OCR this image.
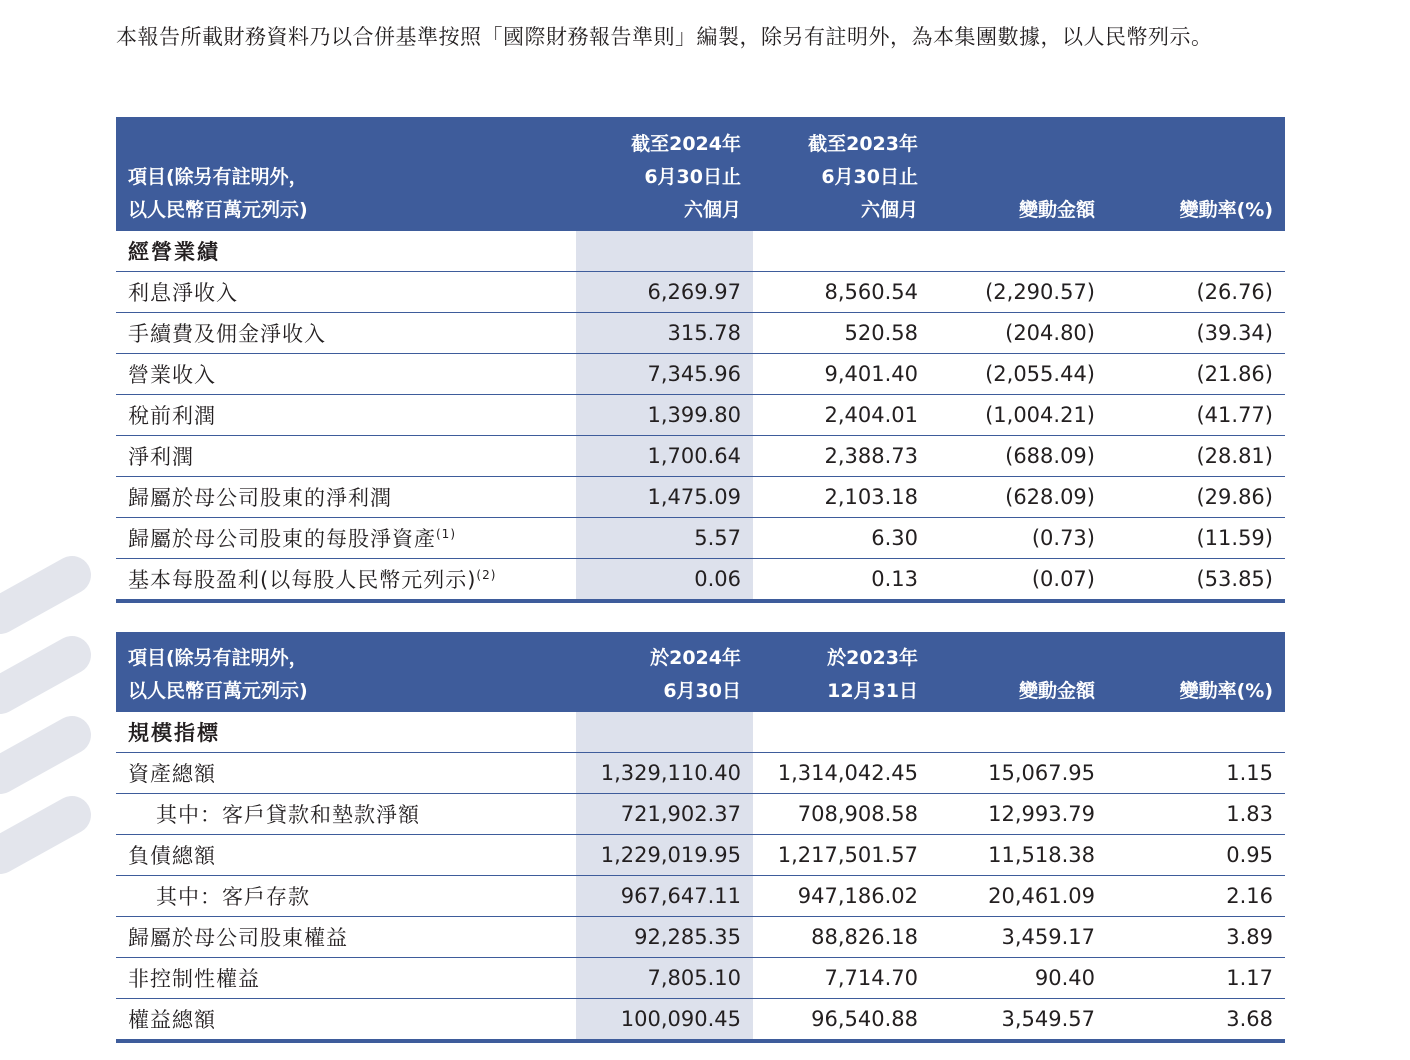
本報告所載財務資料乃以合併基準按照「國際財務報告準則」編製，除另有註明外，為本集團數據，以人民幣列示。

項目(除另有註明外，
以人民幣百萬元列示)	截至2024年
6月30日止
六個月	截至2023年
6月30日止
六個月	變動金額	變動率(%)
經營業績				
利息淨收入	6,269.97	8,560.54	(2,290.57)	(26.76)
手續費及佣金淨收入	315.78	520.58	(204.80)	(39.34)
營業收入	7,345.96	9,401.40	(2,055.44)	(21.86)
稅前利潤	1,399.80	2,404.01	(1,004.21)	(41.77)
淨利潤	1,700.64	2,388.73	(688.09)	(28.81)
歸屬於母公司股東的淨利潤	1,475.09	2,103.18	(628.09)	(29.86)
歸屬於母公司股東的每股淨資產$^{(1)}$	5.57	6.30	(0.73)	(11.59)
基本每股盈利(以每股人民幣元列示)$^{(2)}$	0.06	0.13	(0.07)	(53.85)
項目(除另有註明外，
以人民幣百萬元列示)	於2024年
6月30日	於2023年
12月31日	變動金額	變動率(%)
規模指標				
資產總額	1,329,110.40	1,314,042.45	15,067.95	1.15
其中：客戶貸款和墊款淨額	721,902.37	708,908.58	12,993.79	1.83
負債總額	1,229,019.95	1,217,501.57	11,518.38	0.95
其中：客戶存款	967,647.11	947,186.02	20,461.09	2.16
歸屬於母公司股東權益	92,285.35	88,826.18	3,459.17	3.89
非控制性權益	7,805.10	7,714.70	90.40	1.17
權益總額	100,090.45	96,540.88	3,549.57	3.68
